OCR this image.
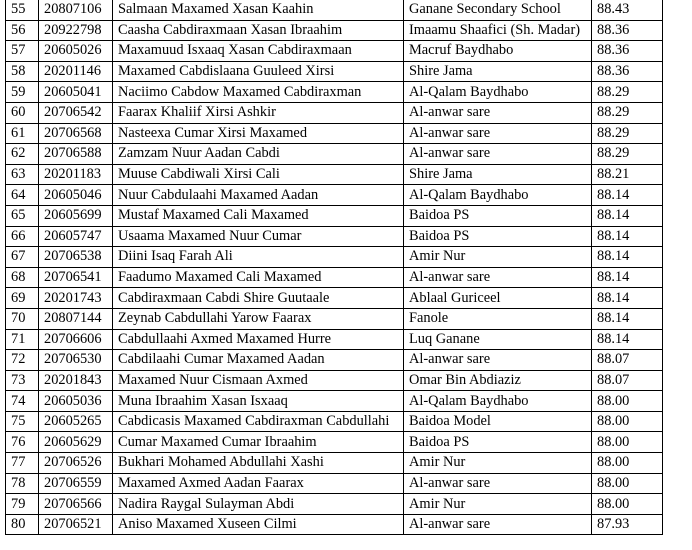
55	20807106	Salmaan Maxamed Xasan Kaahin	Ganane Secondary School	88.43
56	20922798	Caasha Cabdiraxmaan Xasan Ibraahim	Imaamu Shaafici (Sh. Madar)	88.36
57	20605026	Maxamuud Isxaaq Xasan Cabdiraxmaan	Macruf Baydhabo	88.36
58	20201146	Maxamed Cabdislaana Guuleed Xirsi	Shire Jama	88.36
59	20605041	Naciimo Cabdow Maxamed Cabdiraxman	Al-Qalam Baydhabo	88.29
60	20706542	Faarax Khaliif Xirsi Ashkir	Al-anwar sare	88.29
61	20706568	Nasteexa Cumar Xirsi Maxamed	Al-anwar sare	88.29
62	20706588	Zamzam Nuur Aadan Cabdi	Al-anwar sare	88.29
63	20201183	Muuse Cabdiwali Xirsi Cali	Shire Jama	88.21
64	20605046	Nuur Cabdulaahi Maxamed Aadan	Al-Qalam Baydhabo	88.14
65	20605699	Mustaf Maxamed Cali Maxamed	Baidoa PS	88.14
66	20605747	Usaama Maxamed Nuur Cumar	Baidoa PS	88.14
67	20706538	Diini Isaq Farah Ali	Amir Nur	88.14
68	20706541	Faadumo Maxamed Cali Maxamed	Al-anwar sare	88.14
69	20201743	Cabdiraxmaan Cabdi Shire Guutaale	Ablaal Guriceel	88.14
70	20807144	Zeynab Cabdullahi Yarow Faarax	Fanole	88.14
71	20706606	Cabdullaahi Axmed Maxamed Hurre	Luq Ganane	88.14
72	20706530	Cabdilaahi Cumar Maxamed Aadan	Al-anwar sare	88.07
73	20201843	Maxamed Nuur Cismaan Axmed	Omar Bin Abdiaziz	88.07
74	20605036	Muna Ibraahim Xasan Isxaaq	Al-Qalam Baydhabo	88.00
75	20605265	Cabdicasis Maxamed Cabdiraxman Cabdullahi	Baidoa Model	88.00
76	20605629	Cumar Maxamed Cumar Ibraahim	Baidoa PS	88.00
77	20706526	Bukhari Mohamed Abdullahi Xashi	Amir Nur	88.00
78	20706559	Maxamed Axmed Aadan Faarax	Al-anwar sare	88.00
79	20706566	Nadira Raygal Sulayman Abdi	Amir Nur	88.00
80	20706521	Aniso Maxamed Xuseen Cilmi	Al-anwar sare	87.93
